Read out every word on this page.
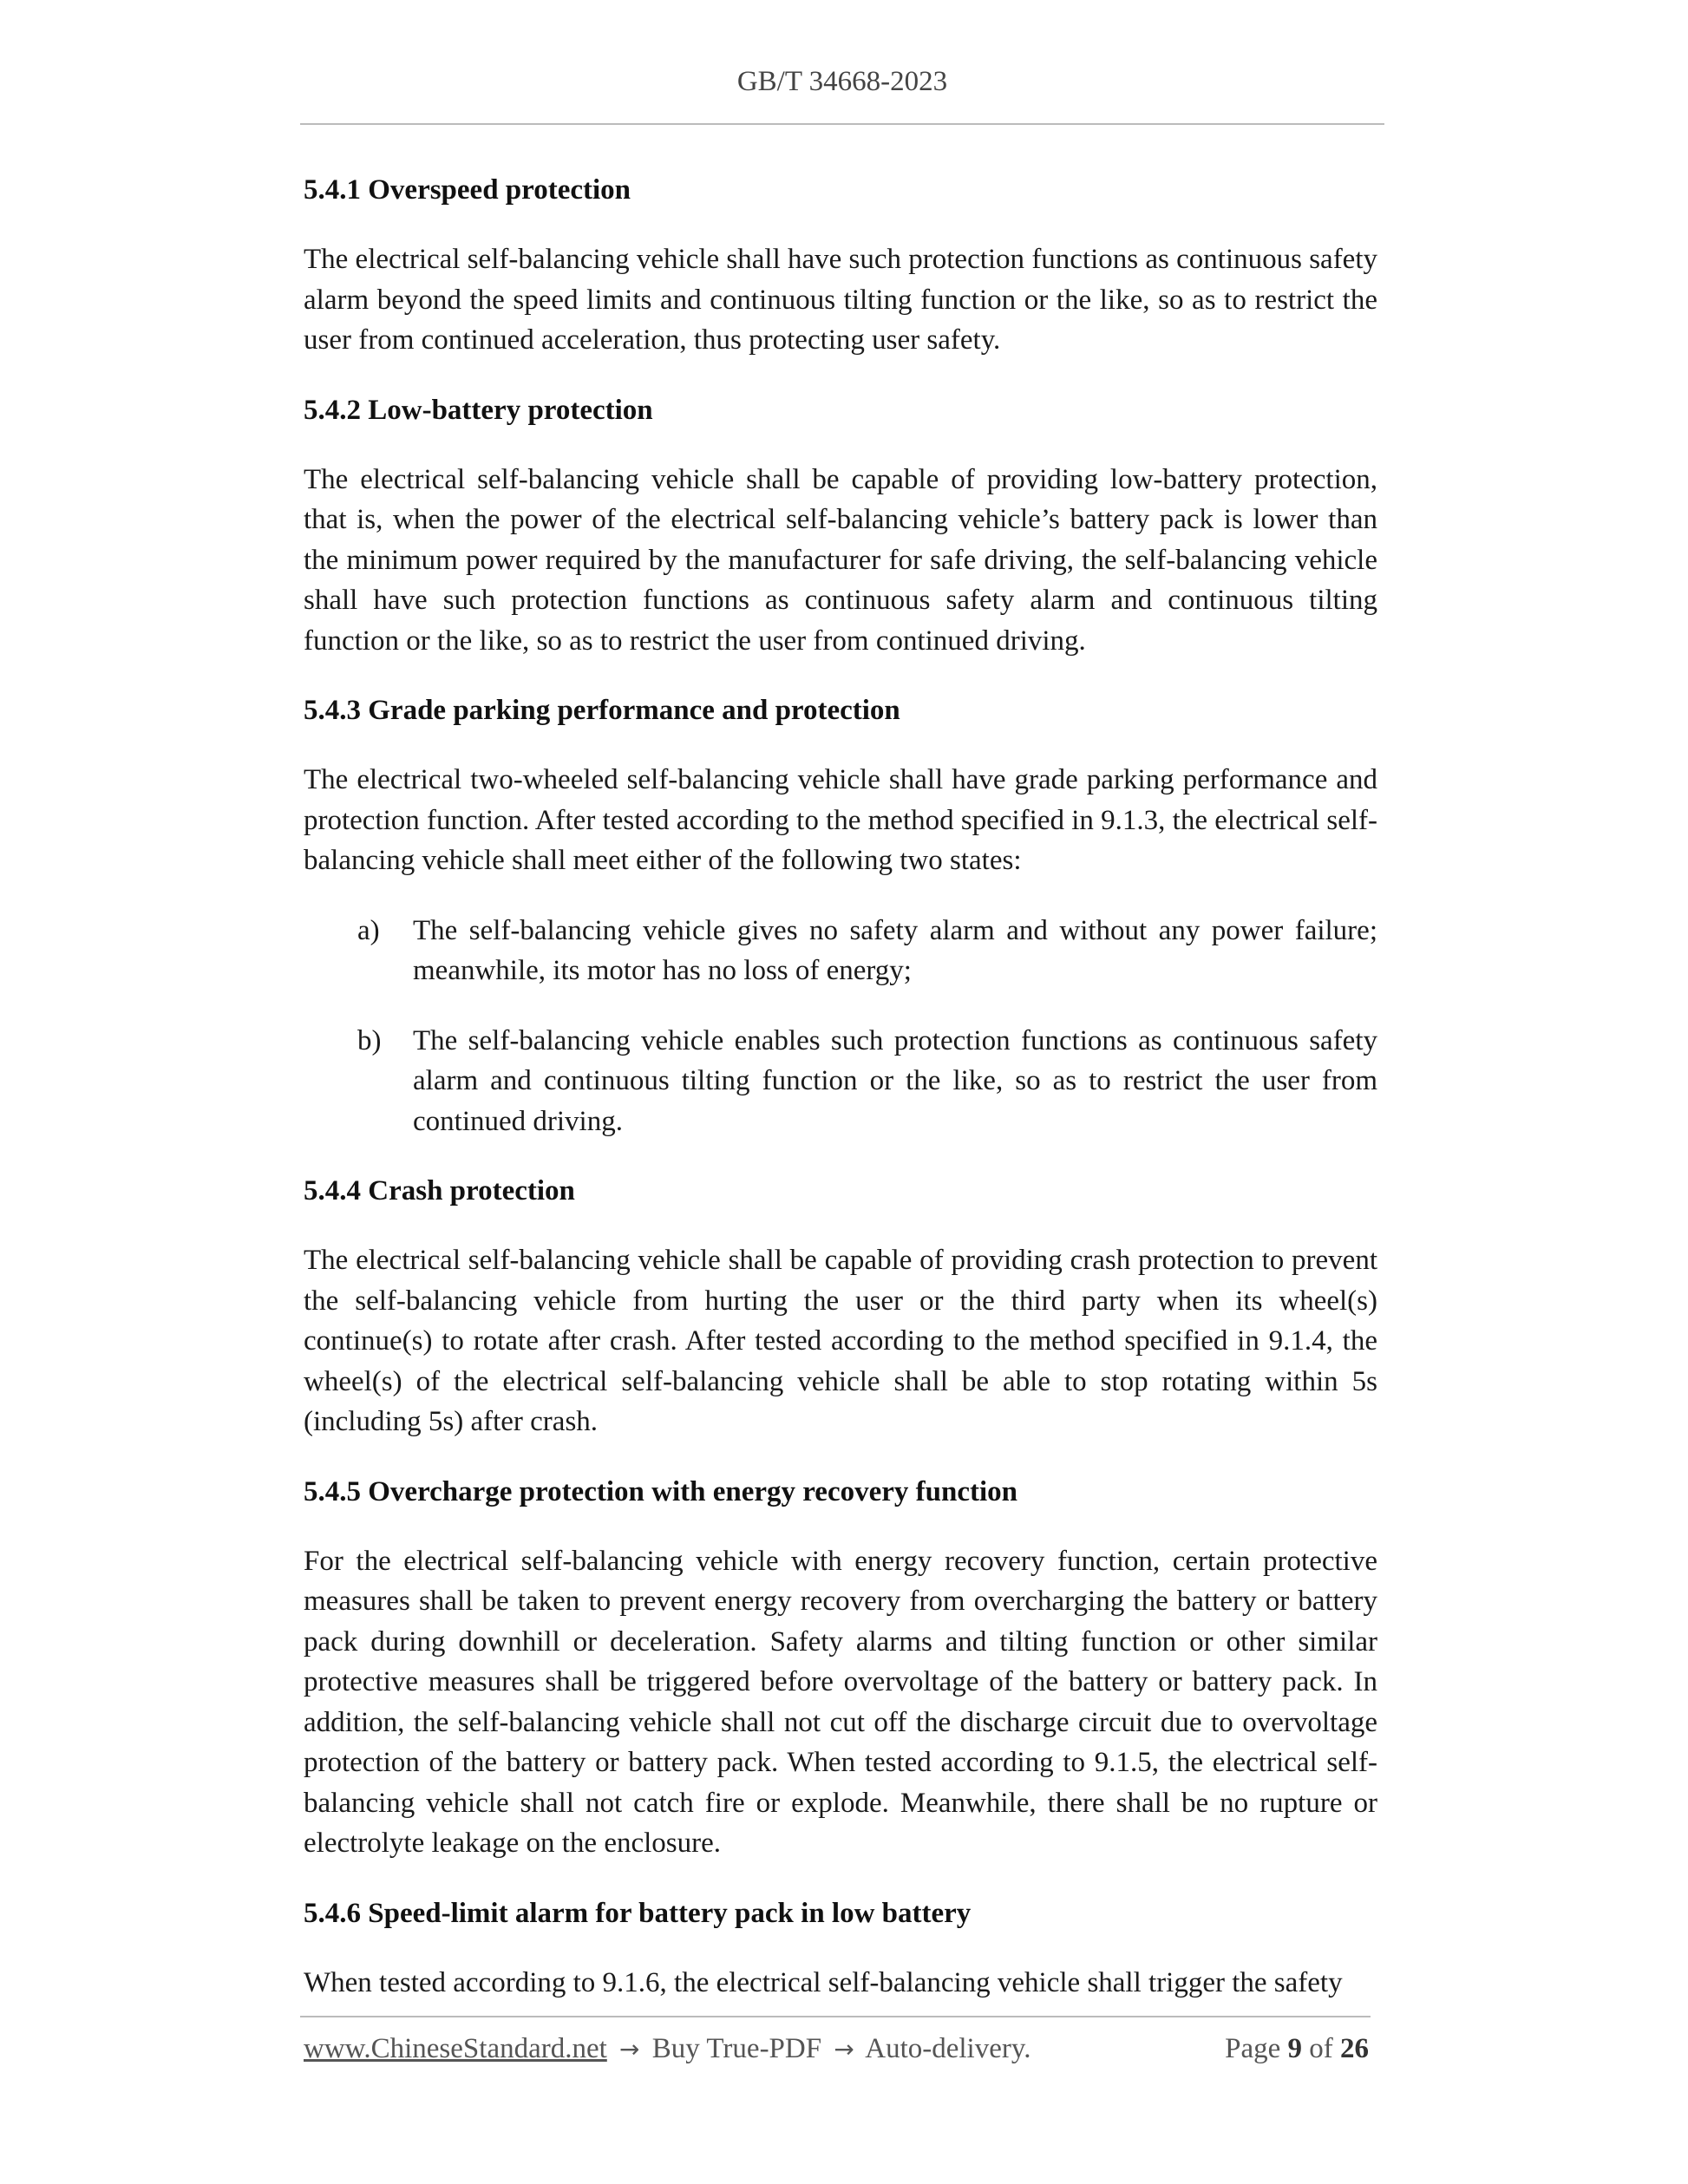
GB/T 34668-2023
5.4.1 Overspeed protection
The electrical self-balancing vehicle shall have such protection functions as continuous safety alarm beyond the speed limits and continuous tilting function or the like, so as to restrict the user from continued acceleration, thus protecting user safety.
5.4.2 Low-battery protection
The electrical self-balancing vehicle shall be capable of providing low-battery protection, that is, when the power of the electrical self-balancing vehicle’s battery pack is lower than the minimum power required by the manufacturer for safe driving, the self-balancing vehicle shall have such protection functions as continuous safety alarm and continuous tilting function or the like, so as to restrict the user from continued driving.
5.4.3 Grade parking performance and protection
The electrical two-wheeled self-balancing vehicle shall have grade parking performance and protection function. After tested according to the method specified in 9.1.3, the electrical self-balancing vehicle shall meet either of the following two states:
a)	The self-balancing vehicle gives no safety alarm and without any power failure; meanwhile, its motor has no loss of energy;
b)	The self-balancing vehicle enables such protection functions as continuous safety alarm and continuous tilting function or the like, so as to restrict the user from continued driving.
5.4.4 Crash protection
The electrical self-balancing vehicle shall be capable of providing crash protection to prevent the self-balancing vehicle from hurting the user or the third party when its wheel(s) continue(s) to rotate after crash. After tested according to the method specified in 9.1.4, the wheel(s) of the electrical self-balancing vehicle shall be able to stop rotating within 5s (including 5s) after crash.
5.4.5 Overcharge protection with energy recovery function
For the electrical self-balancing vehicle with energy recovery function, certain protective measures shall be taken to prevent energy recovery from overcharging the battery or battery pack during downhill or deceleration. Safety alarms and tilting function or other similar protective measures shall be triggered before overvoltage of the battery or battery pack. In addition, the self-balancing vehicle shall not cut off the discharge circuit due to overvoltage protection of the battery or battery pack. When tested according to 9.1.5, the electrical self-balancing vehicle shall not catch fire or explode. Meanwhile, there shall be no rupture or electrolyte leakage on the enclosure.
5.4.6 Speed-limit alarm for battery pack in low battery
When tested according to 9.1.6, the electrical self-balancing vehicle shall trigger the safety
www.ChineseStandard.net → Buy True-PDF → Auto-delivery.	Page 9 of 26
